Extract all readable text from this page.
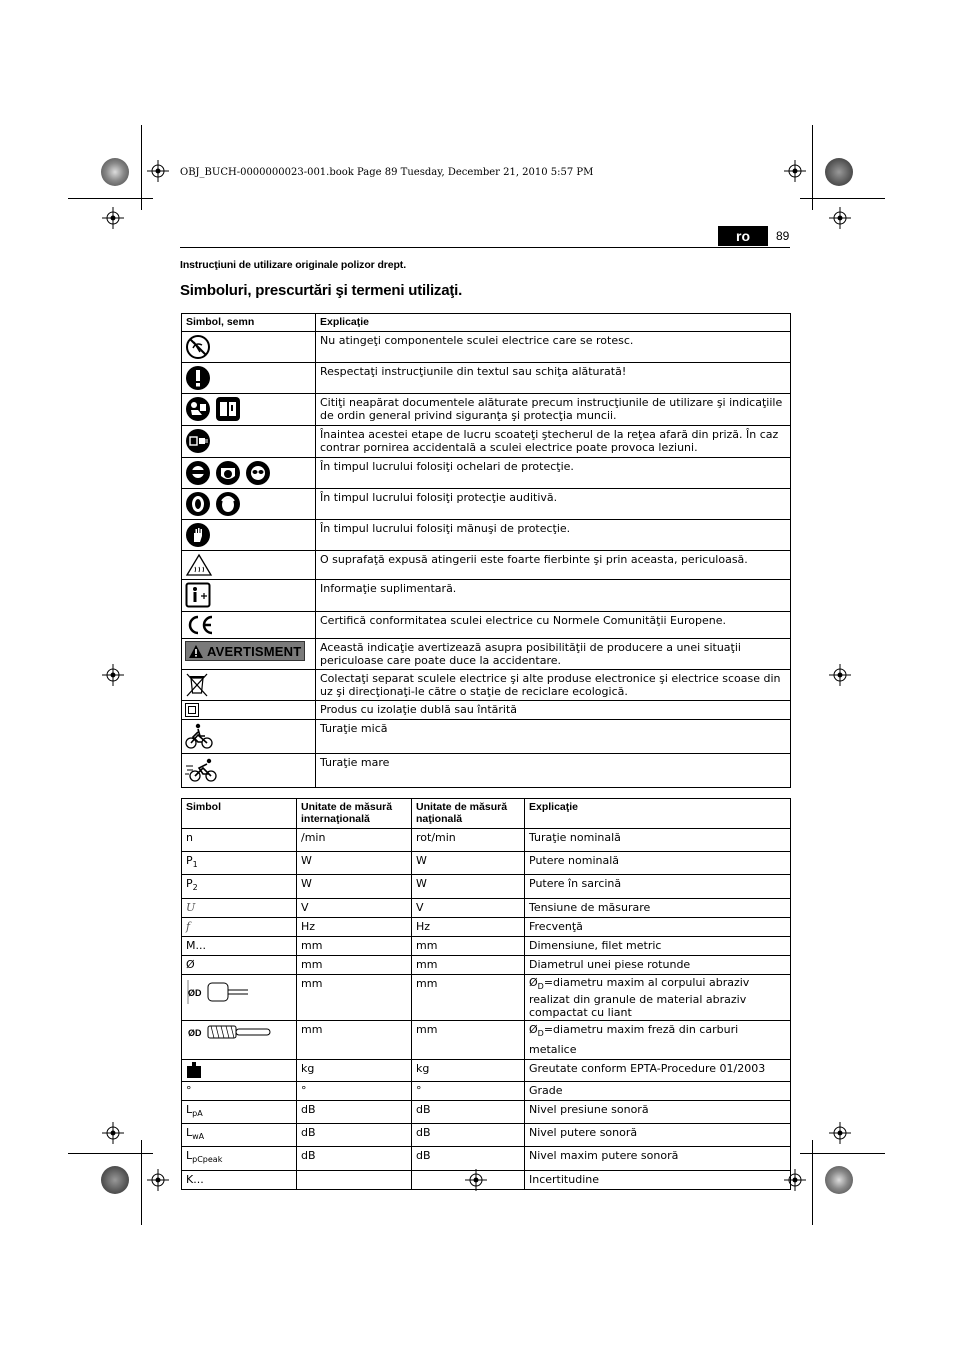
OBJ_BUCH-0000000023-001.book Page 89 Tuesday, December 21, 2010 5:57 PM
ro	89
Instrucţiuni de utilizare originale polizor drept.
Simboluri, prescurtări şi termeni utilizaţi.
Simbol, semn	Explicaţie

	Nu atingeţi componentele sculei electrice care se rotesc.

	Respectaţi instrucţiunile din textul sau schiţa alăturată!

	Citiţi neapărat documentele alăturate precum instrucţiunile de utilizare şi indicaţiile de ordin general privind siguranţa şi protecţia muncii.

	Înaintea acestei etape de lucru scoateţi ştecherul de la reţea afară din priză. În caz contrar pornirea accidentală a sculei electrice poate provoca leziuni.

	În timpul lucrului folosiţi ochelari de protecţie.

	În timpul lucrului folosiţi protecţie auditivă.

	În timpul lucrului folosiţi mănuşi de protecţie.

	O suprafaţă expusă atingerii este foarte fierbinte şi prin aceasta, periculoasă.

	Informaţie suplimentară.

	Certifică conformitatea sculei electrice cu Normele Comunităţii Europene.

AVERTISMENT	Această indicaţie avertizează asupra posibilităţii de producere a unei situaţii periculoase care poate duce la accidentare.

	Colectaţi separat sculele electrice şi alte produse electronice şi electrice scoase din uz şi direcţionaţi-le către o staţie de reciclare ecologică.

	Produs cu izolaţie dublă sau întărită

	Turaţie mică

	Turaţie mare
Simbol	Unitate de măsură internaţională	Unitate de măsură naţională	Explicaţie
n	/min	rot/min	Turaţie nominală
$P_1$	W	W	Putere nominală
$P_2$	W	W	Putere în sarcină
U	V	V	Tensiune de măsurare
f	Hz	Hz	Frecvenţă
M...	mm	mm	Dimensiune, filet metric
Ø	mm	mm	Diametrul unei piese rotunde

ØD	mm	mm	$Ø_D=diametru$ maxim al corpului abraziv realizat din granule de material abraziv compactat cu liant

ØD	mm	mm	$Ø_D=diametru$ maxim freză din carburi metalice

	kg	kg	Greutate conform EPTA-Procedure 01/2003
°	°	°	Grade
$L_{pA}$	dB	dB	Nivel presiune sonoră
$L_{wA}$	dB	dB	Nivel putere sonoră
$L_{pCpeak}$	dB	dB	Nivel maxim putere sonoră
K...			Incertitudine
